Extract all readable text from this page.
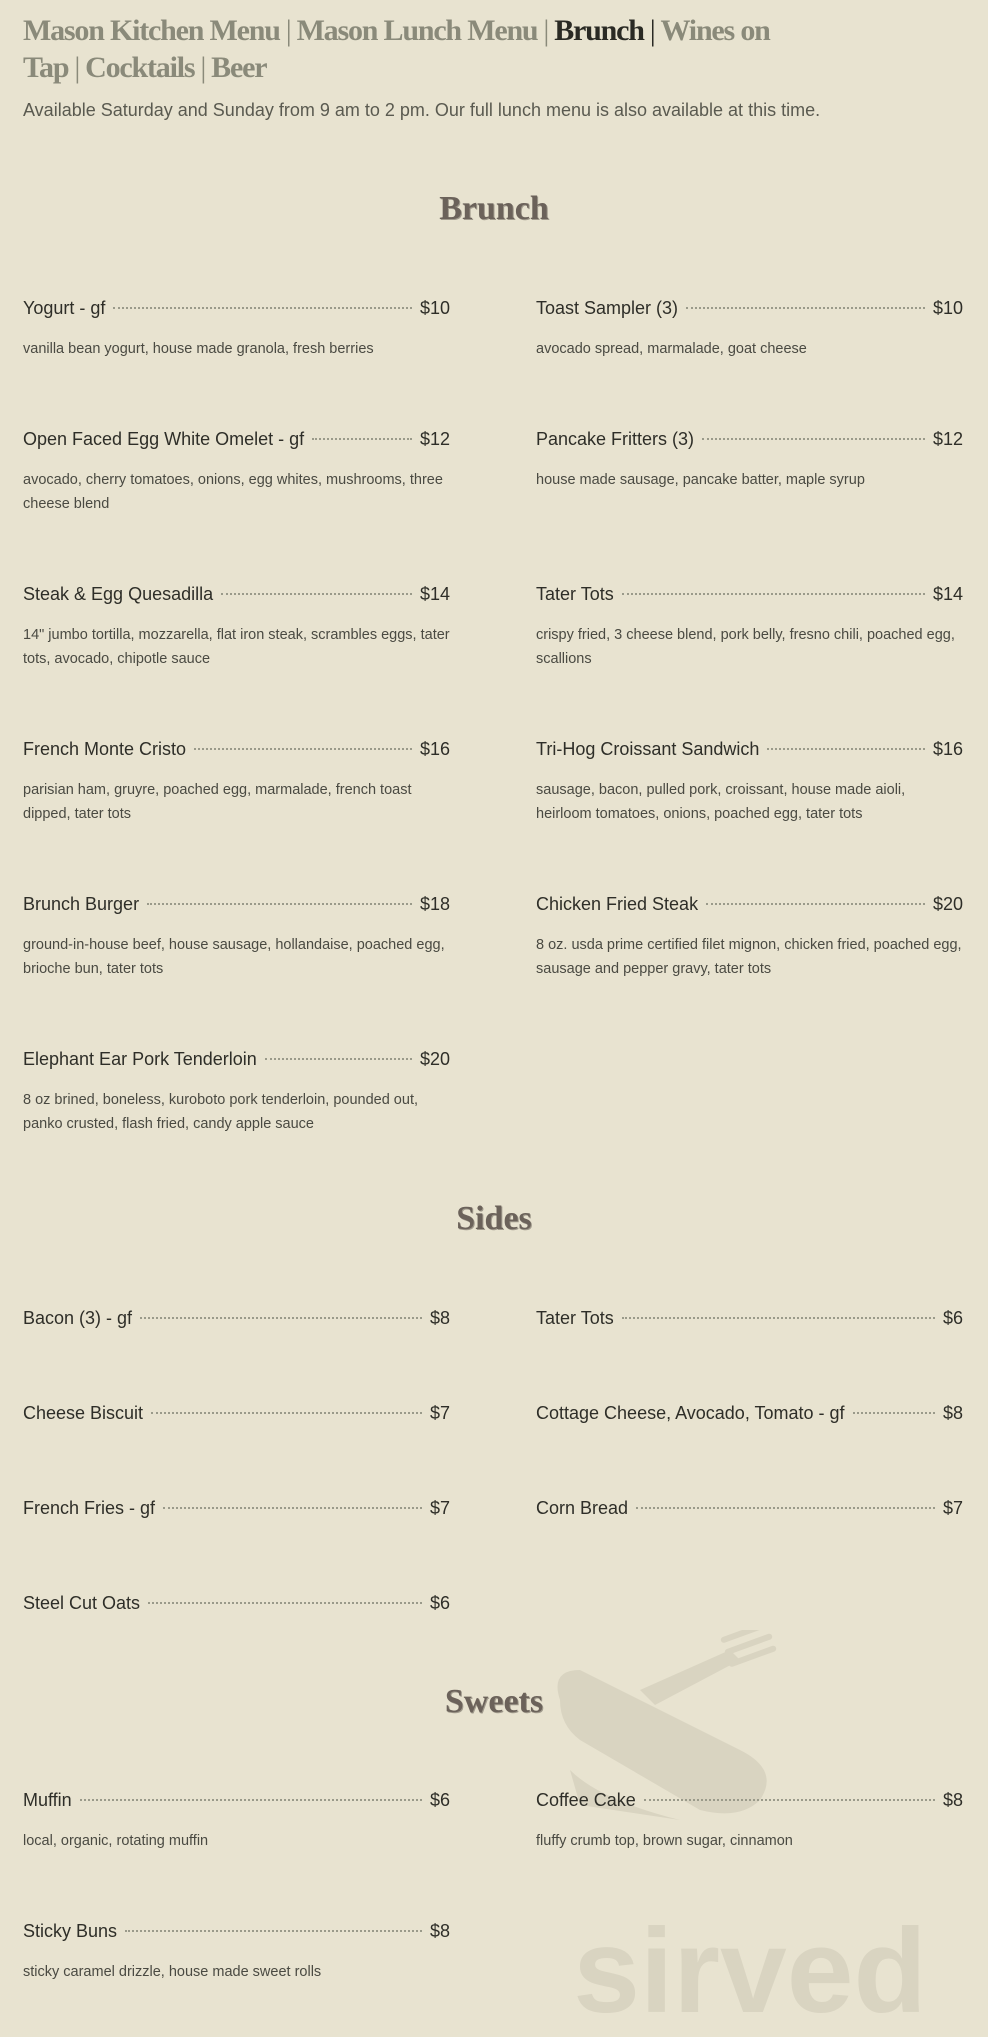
sirved
Mason Kitchen Menu | Mason Lunch Menu | Brunch | Wines on Tap | Cocktails | Beer

Available Saturday and Sunday from 9 am to 2 pm. Our full lunch menu is also available at this time.

Brunch
Yogurt - gf	$10
vanilla bean yogurt, house made granola, fresh berries
Toast Sampler (3)	$10
avocado spread, marmalade, goat cheese
Open Faced Egg White Omelet - gf	$12
avocado, cherry tomatoes, onions, egg whites, mushrooms, three cheese blend
Pancake Fritters (3)	$12
house made sausage, pancake batter, maple syrup
Steak & Egg Quesadilla	$14
14" jumbo tortilla, mozzarella, flat iron steak, scrambles eggs, tater tots, avocado, chipotle sauce
Tater Tots	$14
crispy fried, 3 cheese blend, pork belly, fresno chili, poached egg, scallions
French Monte Cristo	$16
parisian ham, gruyre, poached egg, marmalade, french toast dipped, tater tots
Tri-Hog Croissant Sandwich	$16
sausage, bacon, pulled pork, croissant, house made aioli, heirloom tomatoes, onions, poached egg, tater tots
Brunch Burger	$18
ground-in-house beef, house sausage, hollandaise, poached egg, brioche bun, tater tots
Chicken Fried Steak	$20
8 oz. usda prime certified filet mignon, chicken fried, poached egg, sausage and pepper gravy, tater tots
Elephant Ear Pork Tenderloin	$20
8 oz brined, boneless, kuroboto pork tenderloin, pounded out, panko crusted, flash fried, candy apple sauce
Sides
Bacon (3) - gf	$8	Tater Tots	$6
Cheese Biscuit	$7	Cottage Cheese, Avocado, Tomato - gf	$8
French Fries - gf	$7	Corn Bread	$7
Steel Cut Oats	$6
Sweets
Muffin	$6
local, organic, rotating muffin
Coffee Cake	$8
fluffy crumb top, brown sugar, cinnamon
Sticky Buns	$8
sticky caramel drizzle, house made sweet rolls
